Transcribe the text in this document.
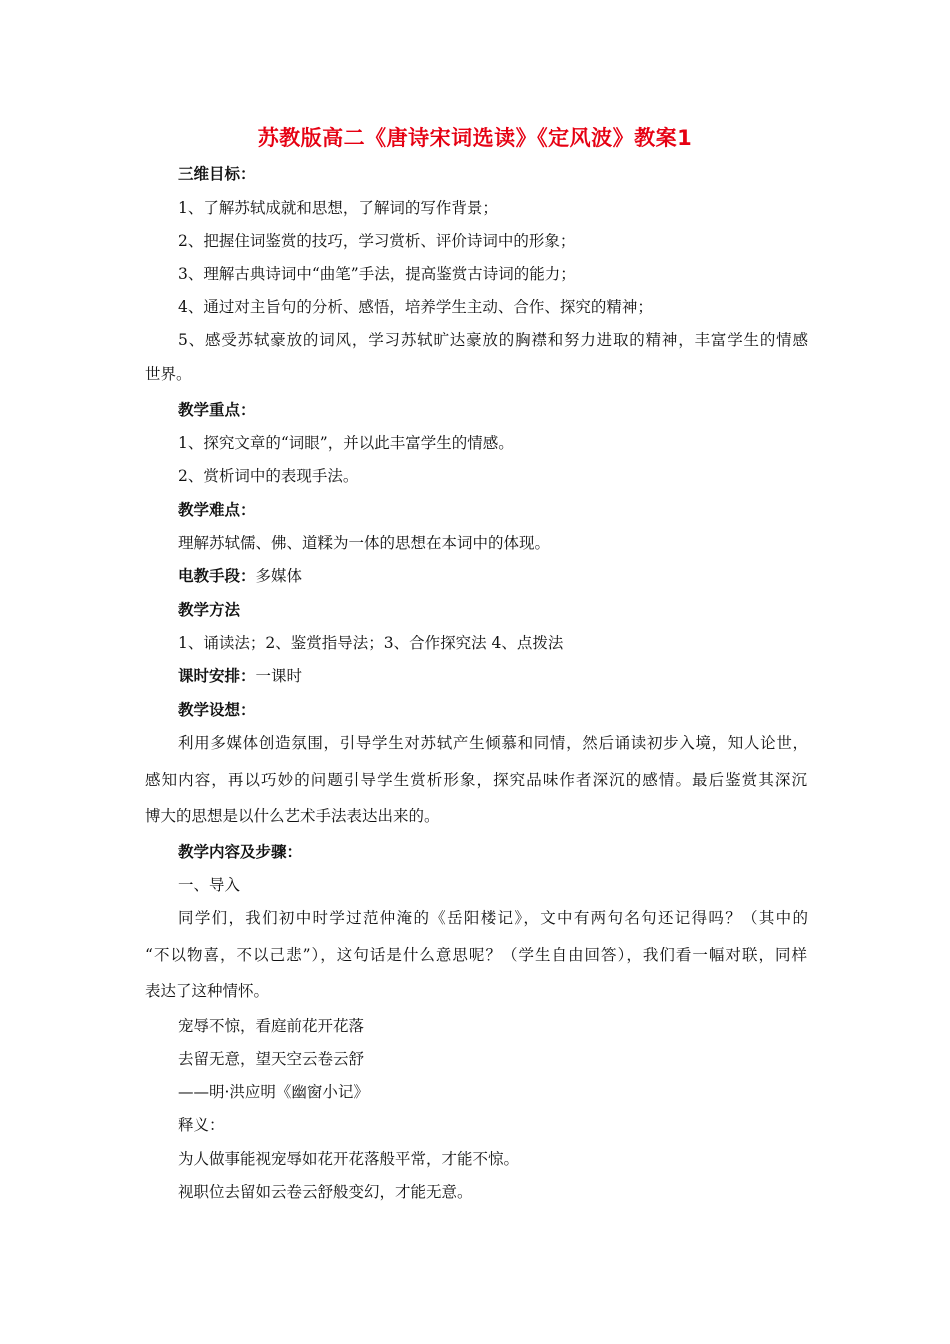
苏教版高二《唐诗宋词选读》《定风波》教案1
三维目标：
1、了解苏轼成就和思想，了解词的写作背景；
2、把握住词鉴赏的技巧，学习赏析、评价诗词中的形象；
3、理解古典诗词中“曲笔”手法，提高鉴赏古诗词的能力；
4、通过对主旨句的分析、感悟，培养学生主动、合作、探究的精神；
5、感受苏轼豪放的词风，学习苏轼旷达豪放的胸襟和努力进取的精神，丰富学生的情感
世界。
教学重点：
1、探究文章的“词眼”，并以此丰富学生的情感。
2、赏析词中的表现手法。
教学难点：
理解苏轼儒、佛、道糅为一体的思想在本词中的体现。
电教手段：多媒体
教学方法
1、诵读法；2、鉴赏指导法；3、合作探究法 4、点拨法
课时安排：一课时
教学设想：
利用多媒体创造氛围，引导学生对苏轼产生倾慕和同情，然后诵读初步入境，知人论世，
感知内容，再以巧妙的问题引导学生赏析形象，探究品味作者深沉的感情。最后鉴赏其深沉
博大的思想是以什么艺术手法表达出来的。
教学内容及步骤：
一、导入
同学们，我们初中时学过范仲淹的《岳阳楼记》，文中有两句名句还记得吗？（其中的
“不以物喜，不以己悲”），这句话是什么意思呢？（学生自由回答），我们看一幅对联，同样
表达了这种情怀。
宠辱不惊，看庭前花开花落
去留无意，望天空云卷云舒
——明·洪应明《幽窗小记》
释义：
为人做事能视宠辱如花开花落般平常，才能不惊。
视职位去留如云卷云舒般变幻，才能无意。
